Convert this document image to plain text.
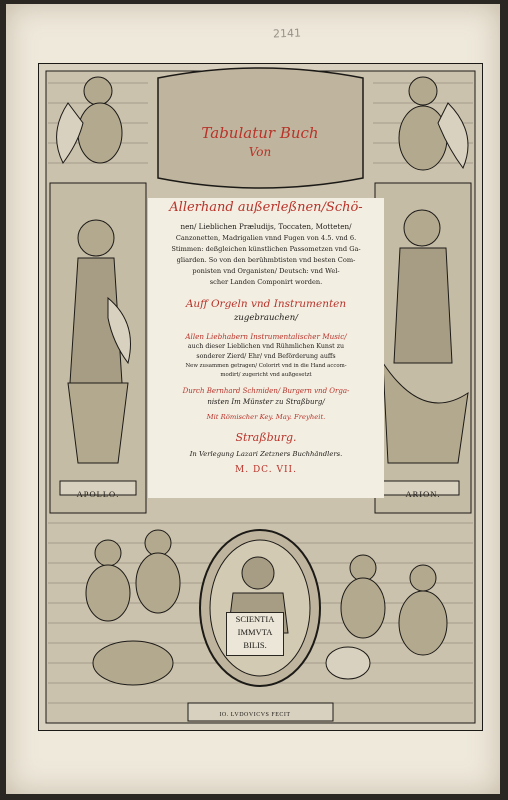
2141
Tabulatur Buch
Von
Allerhand außerleßnen/Schö-
nen/ Lieblichen Præludijs, Toccaten, Motteten/
Canzonetten, Madrigalien vnnd Fugen von 4.5. vnd 6.
Stimmen: deßgleichen künstlichen Passometzen vnd Ga-
gliarden. So von den berühmbtisten vnd besten Com-
ponisten vnd Organisten/ Deutsch: vnd Wel-
scher Landen Componirt worden.
Auff Orgeln vnd Instrumenten
zugebrauchen/
Allen Liebhabern Instrumentalischer Music/
auch dieser Lieblichen vnd Rühmlichen Kunst zu
sonderer Zierd/ Ehr/ vnd Beförderung auffs
New zusammen getragen/ Colorirt vnd in die Hand accom-
modirt/ zugericht vnd außgesetzt
Durch Bernhard Schmiden/ Burgern vnd Orga-
nisten Im Münster zu Straßburg/
Mit Römischer Key. May. Freyheit.
Straßburg.
In Verlegung Lazari Zetzners Buchhändlers.
M. DC. VII.
APOLLO.	ARION.
SCIENTIA
IMMVTA
BILIS.
IO. LVDOVICVS FECIT
